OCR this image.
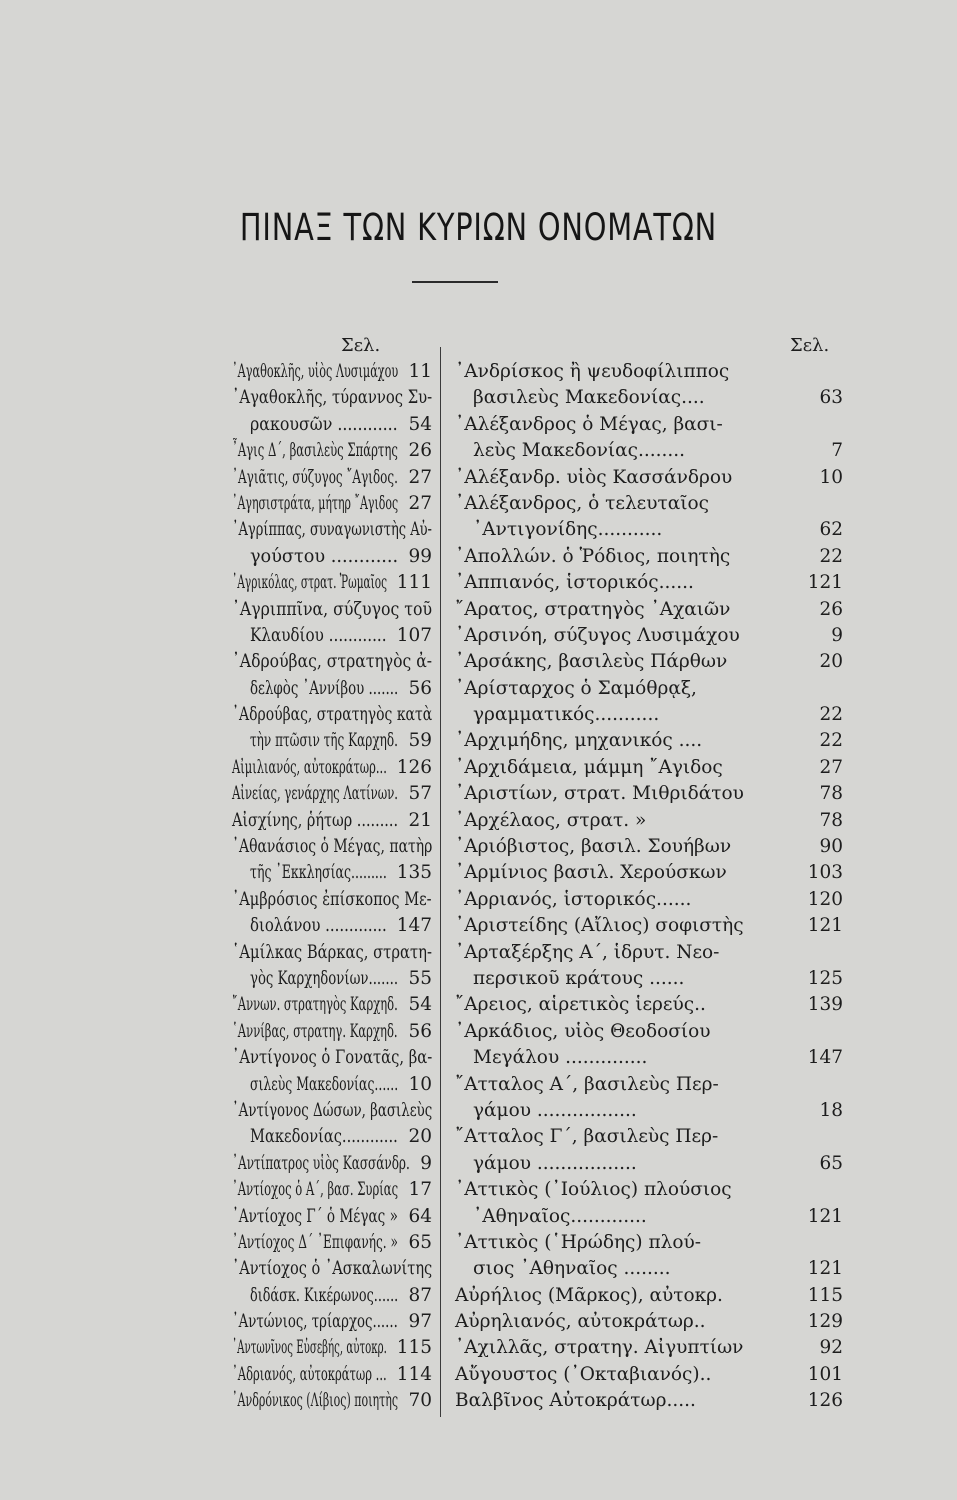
ΠΙΝΑΞ ΤΩΝ ΚΥΡΙΩΝ ΟΝΟΜΑΤΩΝ
Σελ.
᾿Αγαθοκλῆς, υἱὸς Λυσιμάχου 11
᾿Αγαθοκλῆς, τύραννος Συ-
ρακουσῶν ............ 54
῏Αγις Δ΄, βασιλεὺς Σπάρτης 26
᾿Αγιᾶτις, σύζυγος ῎Αγιδος. 27
᾿Αγησιστράτα, μήτηρ ῎Αγιδος 27
᾿Αγρίππας, συναγωνιστὴς Αὐ-
γούστου ............ 99
᾿Αγρικόλας, στρατ. Ῥωμαῖος 111
᾿Αγριππῖνα, σύζυγος τοῦ
Κλαυδίου ............ 107
᾿Αδρούβας, στρατηγὸς ἀ-
δελφὸς ᾿Αννίβου ....... 56
᾿Αδρούβας, στρατηγὸς κατὰ
τὴν πτῶσιν τῆς Καρχηδ. 59
Αἰμιλιανός, αὐτοκράτωρ... 126
Αἰνείας, γενάρχης Λατίνων. 57
Αἰσχίνης, ῥήτωρ ......... 21
᾿Αθανάσιος ὁ Μέγας, πατὴρ
τῆς ᾿Εκκλησίας......... 135
᾿Αμβρόσιος ἐπίσκοπος Με-
διολάνου ............. 147
῾Αμίλκας Βάρκας, στρατη-
γὸς Καρχηδονίων....... 55
῎Αννων. στρατηγὸς Καρχηδ. 54
῾Αννίβας, στρατηγ. Καρχηδ. 56
᾿Αντίγονος ὁ Γονατᾶς, βα-
σιλεὺς Μακεδονίας...... 10
᾿Αντίγονος Δώσων, βασιλεὺς
Μακεδονίας............ 20
᾿Αντίπατρος υἱὸς Κασσάνδρ. 9
᾿Αντίοχος ὁ Α΄, βασ. Συρίας 17
᾿Αντίοχος Γ΄ ὁ Μέγας » 64
᾿Αντίοχος Δ΄ ᾿Επιφανής. » 65
᾿Αντίοχος ὁ ᾿Ασκαλωνίτης
διδάσκ. Κικέρωνος...... 87
᾿Αντώνιος, τρίαρχος...... 97
᾿Αντωνῖνος Εὐσεβής, αὐτοκρ. 115
᾿Αδριανός, αὐτοκράτωρ ... 114
᾿Ανδρόνικος (Λίβιος) ποιητὴς 70
Σελ.
᾿Ανδρίσκος ἢ ψευδοφίλιππος
βασιλεὺς Μακεδονίας....	63
᾿Αλέξανδρος ὁ Μέγας, βασι-
λεὺς Μακεδονίας........	7
᾿Αλέξανδρ. υἱὸς Κασσάνδρου	10
᾿Αλέξανδρος, ὁ τελευταῖος
᾿Αντιγονίδης...........	62
᾿Απολλών. ὁ Ῥόδιος, ποιητὴς	22
᾿Αππιανός, ἱστορικός......	121
῎Αρατος, στρατηγὸς ᾿Αχαιῶν	26
᾿Αρσινόη, σύζυγος Λυσιμάχου	9
᾿Αρσάκης, βασιλεὺς Πάρθων	20
᾿Αρίσταρχος ὁ Σαμόθρᾳξ,
γραμματικός...........	22
᾿Αρχιμήδης, μηχανικός ....	22
᾿Αρχιδάμεια, μάμμη ῎Αγιδος	27
᾿Αριστίων, στρατ. Μιθριδάτου	78
᾿Αρχέλαος, στρατ. »	78
᾿Αριόβιστος, βασιλ. Σουήβων	90
᾿Αρμίνιος βασιλ. Χερούσκων	103
᾿Αρριανός, ἱστορικός......	120
᾿Αριστείδης (Αἴλιος) σοφιστὴς	121
᾿Αρταξέρξης Α΄, ἱδρυτ. Νεο-
περσικοῦ κράτους ......	125
῎Αρειος, αἱρετικὸς ἱερεύς..	139
᾿Αρκάδιος, υἱὸς Θεοδοσίου
Μεγάλου ..............	147
῎Ατταλος Α΄, βασιλεὺς Περ-
γάμου .................	18
῎Ατταλος Γ΄, βασιλεὺς Περ-
γάμου .................	65
᾿Αττικὸς (᾿Ιούλιος) πλούσιος
᾿Αθηναῖος.............	121
᾿Αττικὸς (῾Ηρώδης) πλού-
σιος ᾿Αθηναῖος ........	121
Αὐρήλιος (Μᾶρκος), αὐτοκρ.	115
Αὐρηλιανός, αὐτοκράτωρ..	129
᾿Αχιλλᾶς, στρατηγ. Αἰγυπτίων	92
Αὔγουστος (᾿Οκταβιανός)..	101
Βαλβῖνος Αὐτοκράτωρ.....	126
